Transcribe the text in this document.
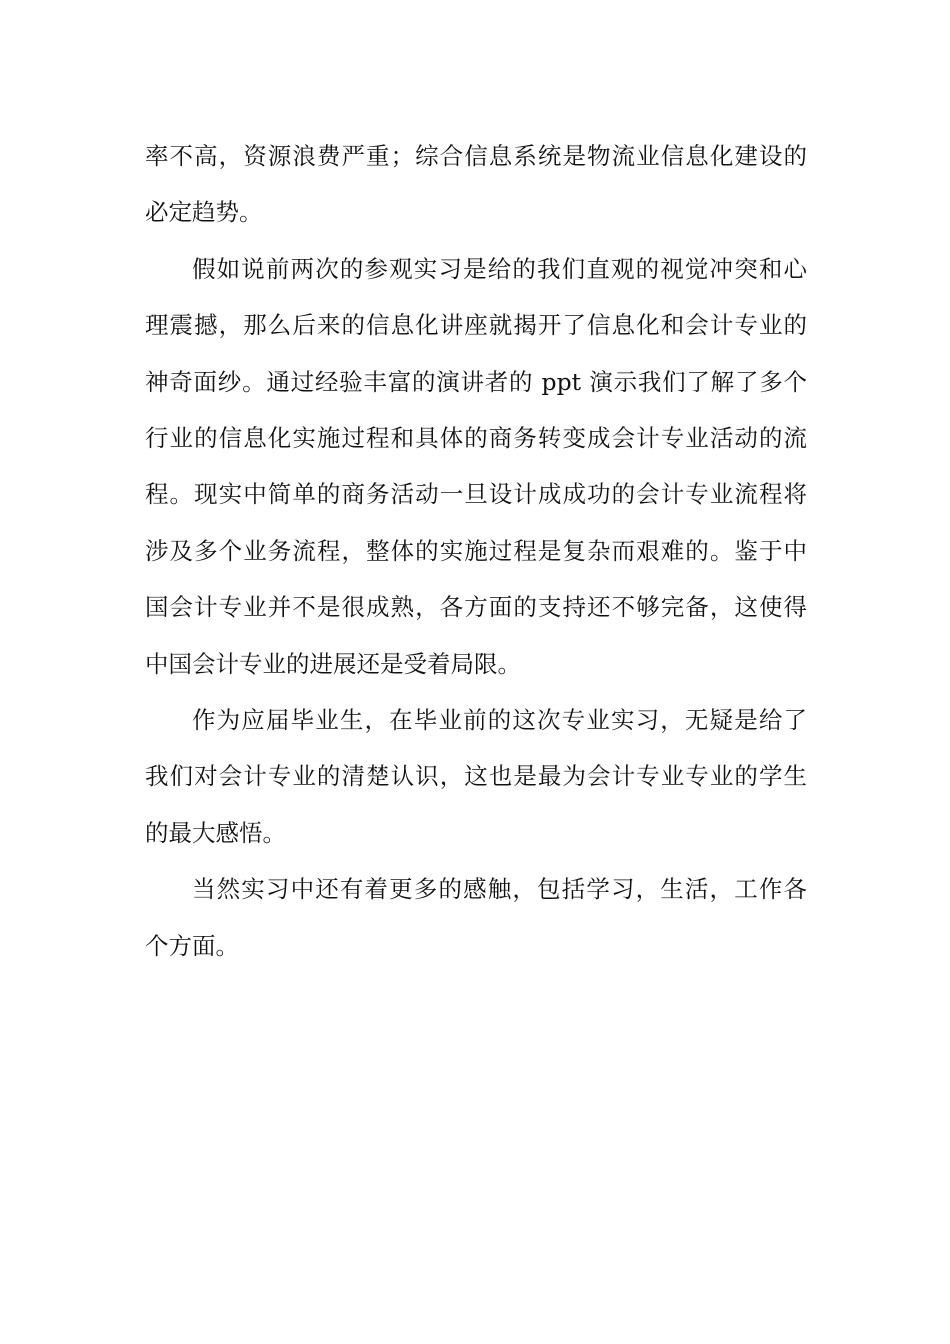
率不高，资源浪费严重；综合信息系统是物流业信息化建设的
必定趋势。
假如说前两次的参观实习是给的我们直观的视觉冲突和心
理震撼，那么后来的信息化讲座就揭开了信息化和会计专业的
神奇面纱。通过经验丰富的演讲者的 ppt 演示我们了解了多个
行业的信息化实施过程和具体的商务转变成会计专业活动的流
程。现实中简单的商务活动一旦设计成成功的会计专业流程将
涉及多个业务流程，整体的实施过程是复杂而艰难的。鉴于中
国会计专业并不是很成熟，各方面的支持还不够完备，这使得
中国会计专业的进展还是受着局限。
作为应届毕业生，在毕业前的这次专业实习，无疑是给了
我们对会计专业的清楚认识，这也是最为会计专业专业的学生
的最大感悟。
当然实习中还有着更多的感触，包括学习，生活，工作各
个方面。
